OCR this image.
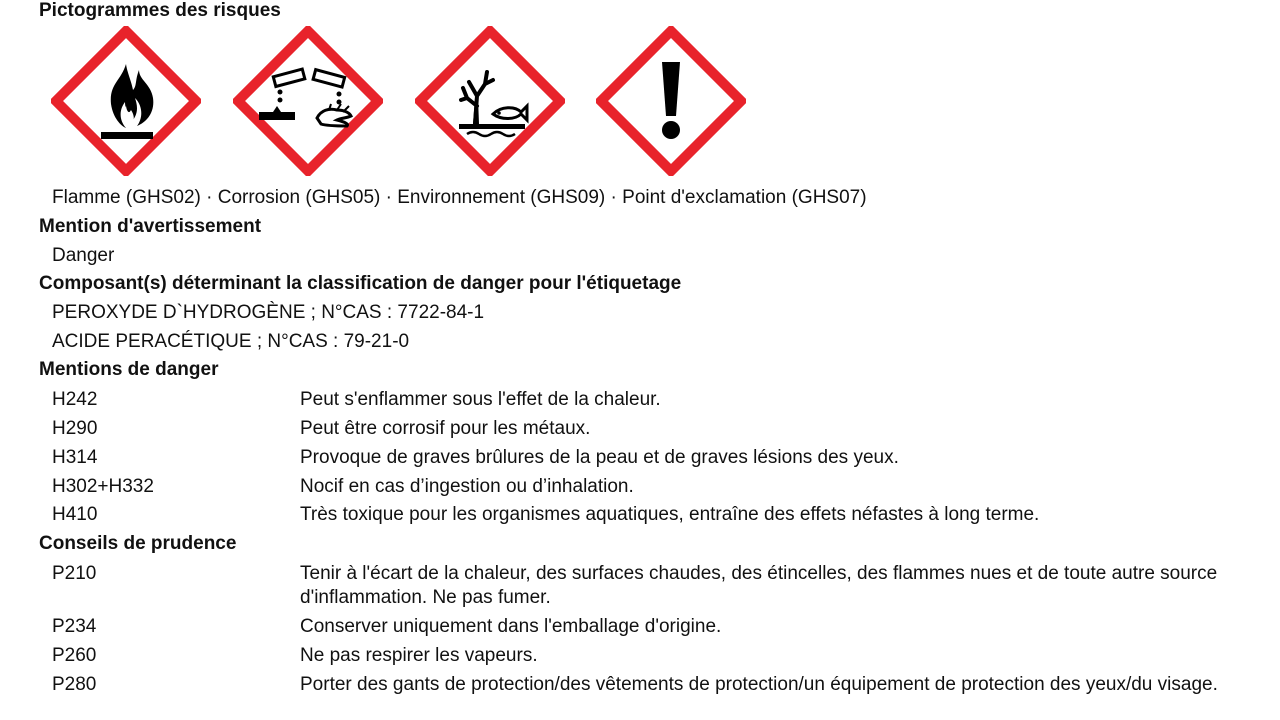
Pictogrammes des risques
Flamme (GHS02) · Corrosion (GHS05) · Environnement (GHS09) · Point d'exclamation (GHS07)
Mention d'avertissement
Danger
Composant(s) déterminant la classification de danger pour l'étiquetage
PEROXYDE D`HYDROGÈNE ; N°CAS : 7722-84-1
ACIDE PERACÉTIQUE ; N°CAS : 79-21-0
Mentions de danger
H242	Peut s'enflammer sous l'effet de la chaleur.
H290	Peut être corrosif pour les métaux.
H314	Provoque de graves brûlures de la peau et de graves lésions des yeux.
H302+H332	Nocif en cas d’ingestion ou d’inhalation.
H410	Très toxique pour les organismes aquatiques, entraîne des effets néfastes à long terme.
Conseils de prudence
P210	Tenir à l'écart de la chaleur, des surfaces chaudes, des étincelles, des flammes nues et de toute autre source d'inflammation. Ne pas fumer.
P234	Conserver uniquement dans l'emballage d'origine.
P260	Ne pas respirer les vapeurs.
P280	Porter des gants de protection/des vêtements de protection/un équipement de protection des yeux/du visage.
